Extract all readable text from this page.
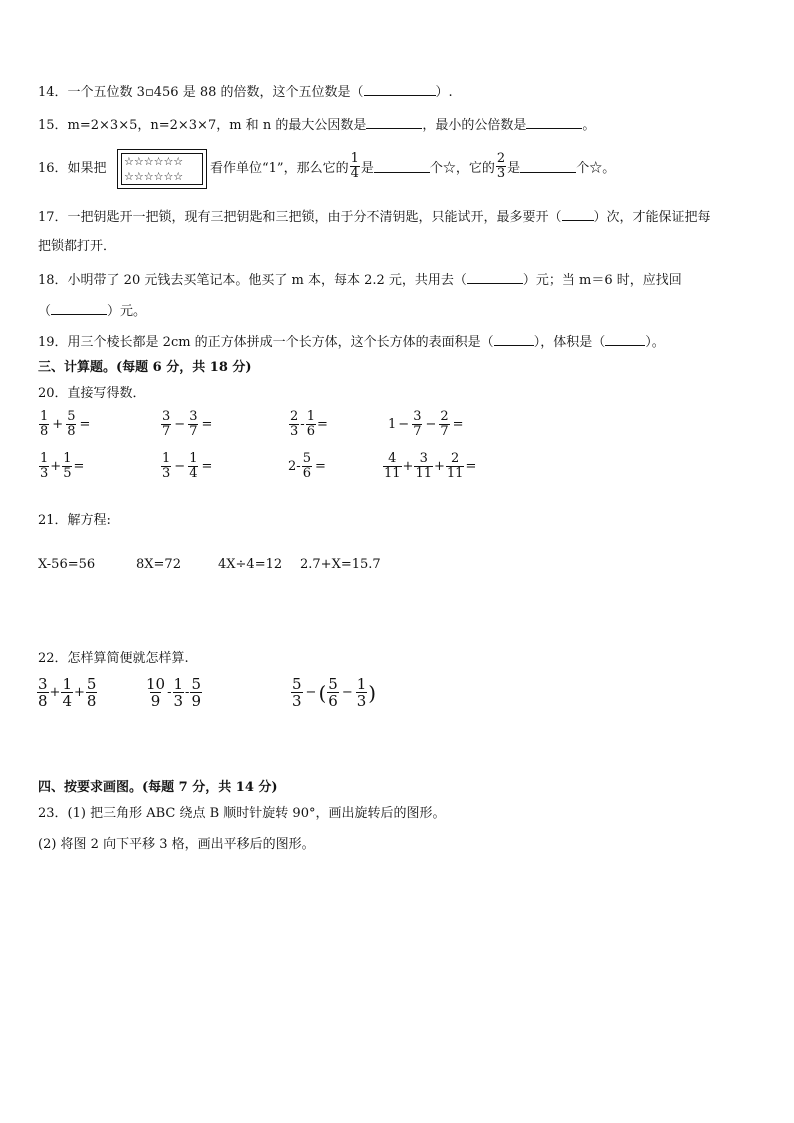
14．一个五位数 3▫456 是 88 的倍数，这个五位数是（	）.
15．m=2×3×5，n=2×3×7，m 和 n 的最大公因数是	，最小的公倍数是	。
16．如果把 ☆☆☆☆☆☆
☆☆☆☆☆☆
看作单位“1”，那么它的 $\frac{1}{4}$ 是	个☆，它的 $\frac{2}{3}$ 是	个☆。
17．一把钥匙开一把锁，现有三把钥匙和三把锁，由于分不清钥匙，只能试开，最多要开（ ）次，才能保证把每
把锁都打开．
18．小明带了 20 元钱去买笔记本。他买了 m 本，每本 2.2 元，共用去（	）元；当 m＝6 时，应找回
（	）元。
19．用三个棱长都是 2cm 的正方体拼成一个长方体，这个长方体的表面积是（	），体积是（	）。
三、计算题。(每题 6 分，共 18 分)
20．直接写得数．
$\frac{1}{8} + \frac{5}{8}$ =	$\frac{3}{7} - \frac{3}{7}$ =	$\frac{2}{3} - \frac{1}{6}$ =	$1 - \frac{3}{7} - \frac{2}{7}$ =
$\frac{1}{3} + \frac{1}{5}$ =	$\frac{1}{3} - \frac{1}{4}$ =	$2 - \frac{5}{6}$ =	$\frac{4}{11} + \frac{3}{11} + \frac{2}{11}$ =
21．解方程:
X-56=56	8X=72	4X÷4=12 2.7+X=15.7
22．怎样算简便就怎样算.
$\frac{3}{8} + \frac{1}{4} + \frac{5}{8}$	$\frac{10}{9} - \frac{1}{3} - \frac{5}{9}$	$\frac{5}{3}$ − ( $\frac{5}{6} - \frac{1}{3}$ )
四、按要求画图。(每题 7 分，共 14 分)
23．(1) 把三角形 ABC 绕点 B 顺时针旋转 90°，画出旋转后的图形。
(2) 将图 2 向下平移 3 格，画出平移后的图形。
